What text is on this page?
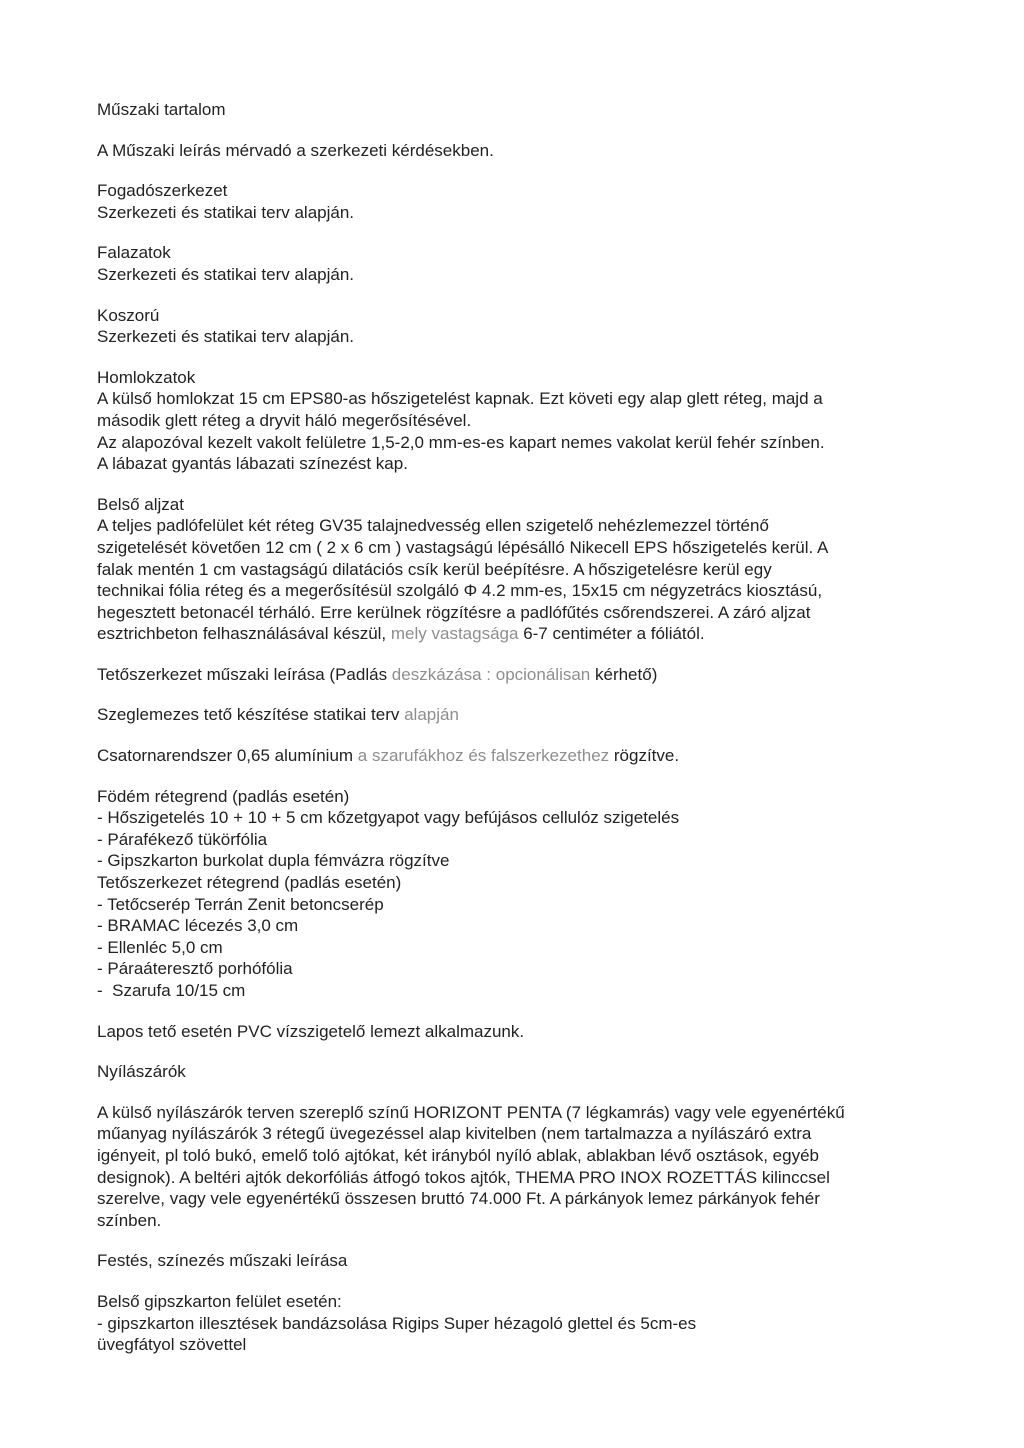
Műszaki tartalom
A Műszaki leírás mérvadó a szerkezeti kérdésekben.
Fogadószerkezet
Szerkezeti és statikai terv alapján.
Falazatok
Szerkezeti és statikai terv alapján.
Koszorú
Szerkezeti és statikai terv alapján.
Homlokzatok
A külső homlokzat 15 cm EPS80-as hőszigetelést kapnak. Ezt követi egy alap glett réteg, majd a
második glett réteg a dryvit háló megerősítésével.
Az alapozóval kezelt vakolt felületre 1,5-2,0 mm-es-es kapart nemes vakolat kerül fehér színben.
A lábazat gyantás lábazati színezést kap.
Belső aljzat
A teljes padlófelület két réteg GV35 talajnedvesség ellen szigetelő nehézlemezzel történő
szigetelését követően 12 cm ( 2 x 6 cm ) vastagságú lépésálló Nikecell EPS hőszigetelés kerül. A
falak mentén 1 cm vastagságú dilatációs csík kerül beépítésre. A hőszigetelésre kerül egy
technikai fólia réteg és a megerősítésül szolgáló Φ 4.2 mm-es, 15x15 cm négyzetrács kiosztású,
hegesztett betonacél térháló. Erre kerülnek rögzítésre a padlófűtés csőrendszerei. A záró aljzat
esztrichbeton felhasználásával készül, mely vastagsága 6-7 centiméter a fóliától.
Tetőszerkezet műszaki leírása (Padlás deszkázása : opcionálisan kérhető)
Szeglemezes tető készítése statikai terv alapján
Csatornarendszer 0,65 alumínium a szarufákhoz és falszerkezethez rögzítve.
Födém rétegrend (padlás esetén)
- Hőszigetelés 10 + 10 + 5 cm kőzetgyapot vagy befújásos cellulóz szigetelés
- Párafékező tükörfólia
- Gipszkarton burkolat dupla fémvázra rögzítve
Tetőszerkezet rétegrend (padlás esetén)
- Tetőcserép Terrán Zenit betoncserép
- BRAMAC lécezés 3,0 cm
- Ellenléc 5,0 cm
- Páraáteresztő porhófólia
-  Szarufa 10/15 cm
Lapos tető esetén PVC vízszigetelő lemezt alkalmazunk.
Nyílászárók
A külső nyílászárók terven szereplő színű HORIZONT PENTA (7 légkamrás) vagy vele egyenértékű
műanyag nyílászárók 3 rétegű üvegezéssel alap kivitelben (nem tartalmazza a nyílászáró extra
igényeit, pl toló bukó, emelő toló ajtókat, két irányból nyíló ablak, ablakban lévő osztások, egyéb
designok). A beltéri ajtók dekorfóliás átfogó tokos ajtók, THEMA PRO INOX ROZETTÁS kilinccsel
szerelve, vagy vele egyenértékű összesen bruttó 74.000 Ft. A párkányok lemez párkányok fehér
színben.
Festés, színezés műszaki leírása
Belső gipszkarton felület esetén:
- gipszkarton illesztések bandázsolása Rigips Super hézagoló glettel és 5cm-es
üvegfátyol szövettel
